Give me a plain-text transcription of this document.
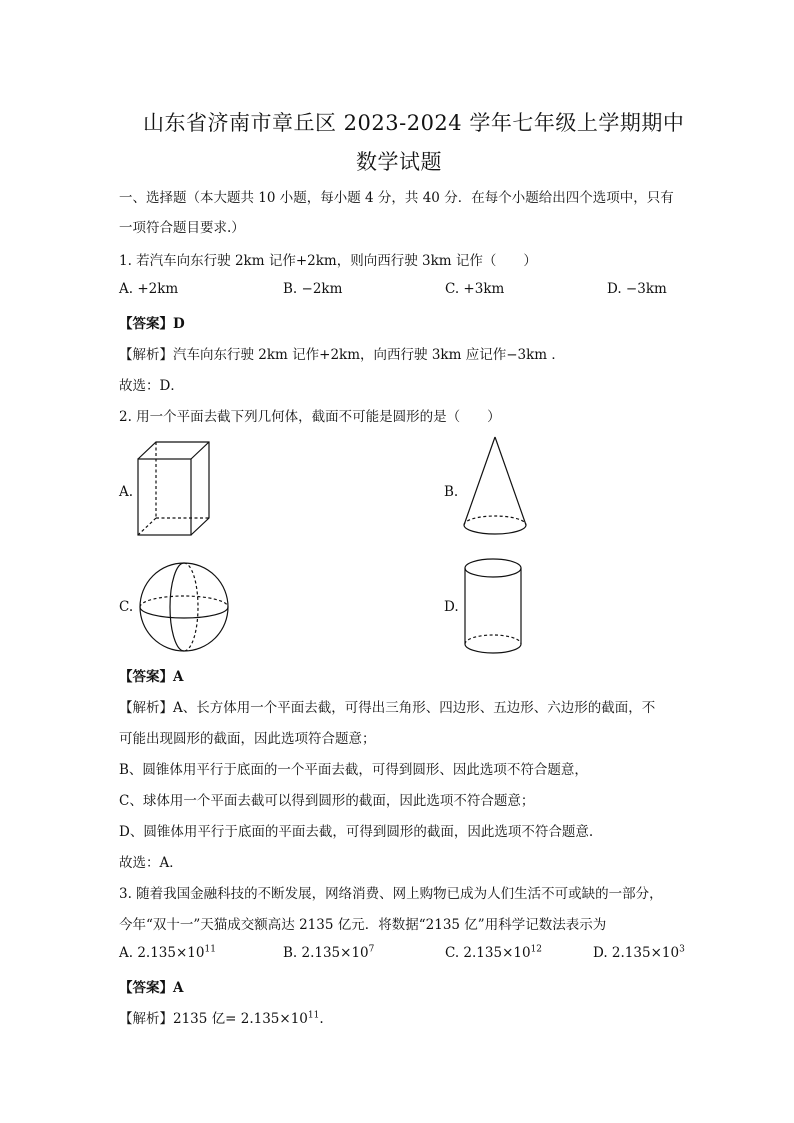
山东省济南市章丘区 2023-2024 学年七年级上学期期中
数学试题
一、选择题（本大题共 10 小题，每小题 4 分，共 40 分．在每个小题给出四个选项中，只有
一项符合题目要求.）
1. 若汽车向东行驶 2km 记作+2km，则向西行驶 3km 记作（　　）
A. +2km	B. −2km	C. +3km	D. −3km
【答案】D
【解析】汽车向东行驶 2km 记作+2km，向西行驶 3km 应记作−3km ．
故选：D．
2. 用一个平面去截下列几何体，截面不可能是圆形的是（　　）
A.	B.
C.	D.
【答案】A
【解析】A、长方体用一个平面去截，可得出三角形、四边形、五边形、六边形的截面，不
可能出现圆形的截面，因此选项符合题意；
B、圆锥体用平行于底面的一个平面去截，可得到圆形、因此选项不符合题意，
C、球体用一个平面去截可以得到圆形的截面，因此选项不符合题意；
D、圆锥体用平行于底面的平面去截，可得到圆形的截面，因此选项不符合题意.
故选：A．
3. 随着我国金融科技的不断发展，网络消费、网上购物已成为人们生活不可或缺的一部分，
今年“双十一”天猫成交额高达 2135 亿元．将数据“2135 亿”用科学记数法表示为
A. $2.135\times 10^{11}$	B. $2.135\times 10^7$	C. $2.135\times 10^{12}$	D. $2.135\times 10^3$
【答案】A
【解析】2135 亿= $2.135\times 10^{11}$.
